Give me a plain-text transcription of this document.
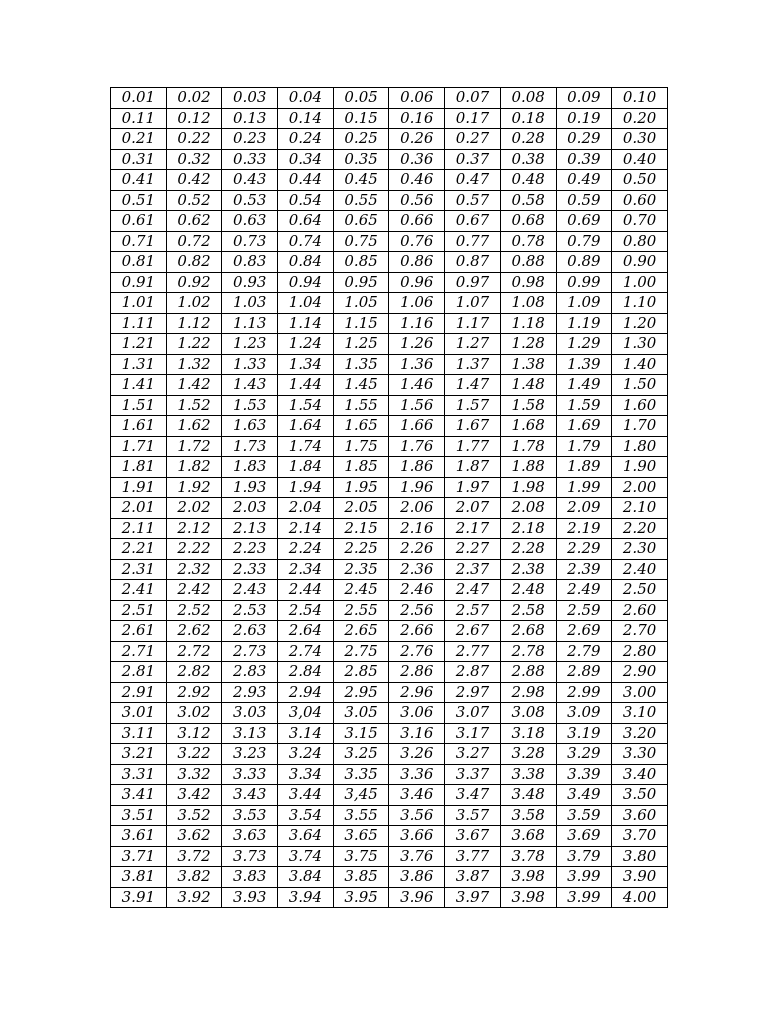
0.01	0.02	0.03	0.04	0.05	0.06	0.07	0.08	0.09	0.10
0.11	0.12	0.13	0.14	0.15	0.16	0.17	0.18	0.19	0.20
0.21	0.22	0.23	0.24	0.25	0.26	0.27	0.28	0.29	0.30
0.31	0.32	0.33	0.34	0.35	0.36	0.37	0.38	0.39	0.40
0.41	0.42	0.43	0.44	0.45	0.46	0.47	0.48	0.49	0.50
0.51	0.52	0.53	0.54	0.55	0.56	0.57	0.58	0.59	0.60
0.61	0.62	0.63	0.64	0.65	0.66	0.67	0.68	0.69	0.70
0.71	0.72	0.73	0.74	0.75	0.76	0.77	0.78	0.79	0.80
0.81	0.82	0.83	0.84	0.85	0.86	0.87	0.88	0.89	0.90
0.91	0.92	0.93	0.94	0.95	0.96	0.97	0.98	0.99	1.00
1.01	1.02	1.03	1.04	1.05	1.06	1.07	1.08	1.09	1.10
1.11	1.12	1.13	1.14	1.15	1.16	1.17	1.18	1.19	1.20
1.21	1.22	1.23	1.24	1.25	1.26	1.27	1.28	1.29	1.30
1.31	1.32	1.33	1.34	1.35	1.36	1.37	1.38	1.39	1.40
1.41	1.42	1.43	1.44	1.45	1.46	1.47	1.48	1.49	1.50
1.51	1.52	1.53	1.54	1.55	1.56	1.57	1.58	1.59	1.60
1.61	1.62	1.63	1.64	1.65	1.66	1.67	1.68	1.69	1.70
1.71	1.72	1.73	1.74	1.75	1.76	1.77	1.78	1.79	1.80
1.81	1.82	1.83	1.84	1.85	1.86	1.87	1.88	1.89	1.90
1.91	1.92	1.93	1.94	1.95	1.96	1.97	1.98	1.99	2.00
2.01	2.02	2.03	2.04	2.05	2.06	2.07	2.08	2.09	2.10
2.11	2.12	2.13	2.14	2.15	2.16	2.17	2.18	2.19	2.20
2.21	2.22	2.23	2.24	2.25	2.26	2.27	2.28	2.29	2.30
2.31	2.32	2.33	2.34	2.35	2.36	2.37	2.38	2.39	2.40
2.41	2.42	2.43	2.44	2.45	2.46	2.47	2.48	2.49	2.50
2.51	2.52	2.53	2.54	2.55	2.56	2.57	2.58	2.59	2.60
2.61	2.62	2.63	2.64	2.65	2.66	2.67	2.68	2.69	2.70
2.71	2.72	2.73	2.74	2.75	2.76	2.77	2.78	2.79	2.80
2.81	2.82	2.83	2.84	2.85	2.86	2.87	2.88	2.89	2.90
2.91	2.92	2.93	2.94	2.95	2.96	2.97	2.98	2.99	3.00
3.01	3.02	3.03	3,04	3.05	3.06	3.07	3.08	3.09	3.10
3.11	3.12	3.13	3.14	3.15	3.16	3.17	3.18	3.19	3.20
3.21	3.22	3.23	3.24	3.25	3.26	3.27	3.28	3.29	3.30
3.31	3.32	3.33	3.34	3.35	3.36	3.37	3.38	3.39	3.40
3.41	3.42	3.43	3.44	3,45	3.46	3.47	3.48	3.49	3.50
3.51	3.52	3.53	3.54	3.55	3.56	3.57	3.58	3.59	3.60
3.61	3.62	3.63	3.64	3.65	3.66	3.67	3.68	3.69	3.70
3.71	3.72	3.73	3.74	3.75	3.76	3.77	3.78	3.79	3.80
3.81	3.82	3.83	3.84	3.85	3.86	3.87	3.98	3.99	3.90
3.91	3.92	3.93	3.94	3.95	3.96	3.97	3.98	3.99	4.00
